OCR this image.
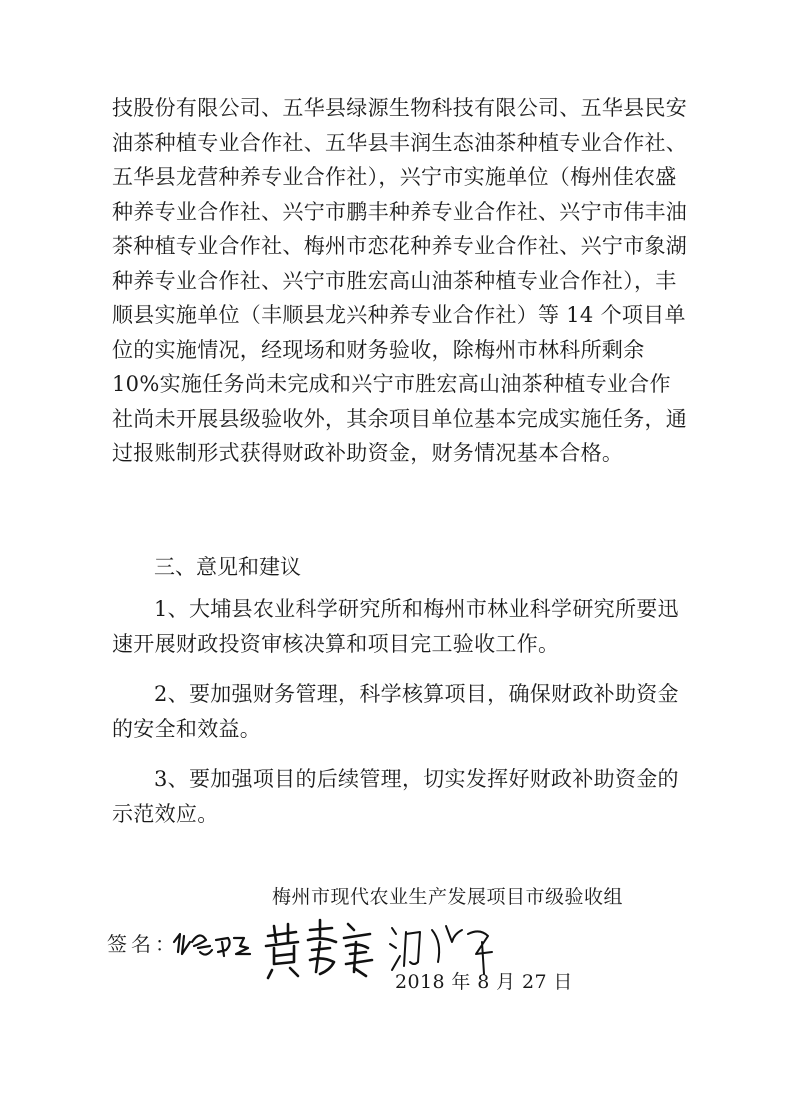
技股份有限公司、五华县绿源生物科技有限公司、五华县民安油茶种植专业合作社、五华县丰润生态油茶种植专业合作社、五华县龙营种养专业合作社），兴宁市实施单位（梅州佳农盛种养专业合作社、兴宁市鹏丰种养专业合作社、兴宁市伟丰油茶种植专业合作社、梅州市恋花种养专业合作社、兴宁市象湖种养专业合作社、兴宁市胜宏高山油茶种植专业合作社），丰顺县实施单位（丰顺县龙兴种养专业合作社）等 14 个项目单位的实施情况，经现场和财务验收，除梅州市林科所剩余 10%实施任务尚未完成和兴宁市胜宏高山油茶种植专业合作社尚未开展县级验收外，其余项目单位基本完成实施任务，通过报账制形式获得财政补助资金，财务情况基本合格。

三、意见和建议

1、大埔县农业科学研究所和梅州市林业科学研究所要迅速开展财政投资审核决算和项目完工验收工作。

2、要加强财务管理，科学核算项目，确保财政补助资金的安全和效益。

3、要加强项目的后续管理，切实发挥好财政补助资金的示范效应。

梅州市现代农业生产发展项目市级验收组

签名：

2018 年 8 月 27 日
